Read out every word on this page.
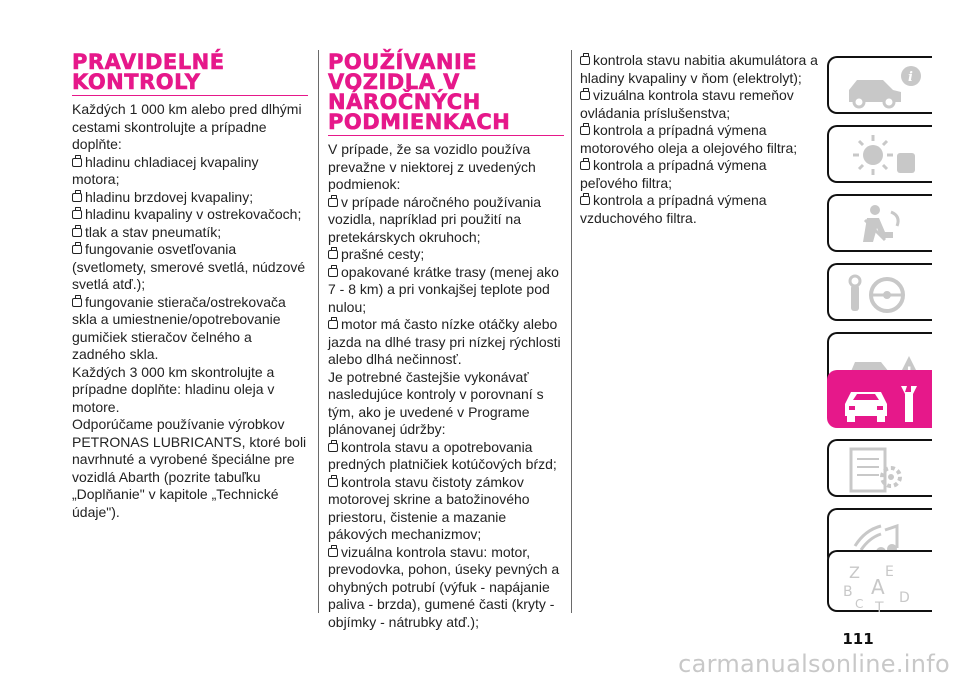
PRAVIDELNÉ
KONTROLY
Každých 1 000 km alebo pred dlhými cestami skontrolujte a prípadne doplňte:
hladinu chladiacej kvapaliny motora;
hladinu brzdovej kvapaliny;
hladinu kvapaliny v ostrekovačoch;
tlak a stav pneumatík;
fungovanie osvetľovania (svetlomety, smerové svetlá, núdzové svetlá atď.);
fungovanie stierača/ostrekovača skla a umiestnenie/opotrebovanie gumičiek stieračov čelného a zadného skla.
Každých 3 000 km skontrolujte a prípadne doplňte: hladinu oleja v motore.
Odporúčame používanie výrobkov PETRONAS LUBRICANTS, ktoré boli navrhnuté a vyrobené špeciálne pre vozidlá Abarth (pozrite tabuľku „Doplňanie" v kapitole „Technické údaje").
POUŽÍVANIE
VOZIDLA V
NÁROČNÝCH
PODMIENKACH
V prípade, že sa vozidlo používa prevažne v niektorej z uvedených podmienok:
v prípade náročného používania vozidla, napríklad pri použití na pretekárskych okruhoch;
prašné cesty;
opakované krátke trasy (menej ako 7 - 8 km) a pri vonkajšej teplote pod nulou;
motor má často nízke otáčky alebo jazda na dlhé trasy pri nízkej rýchlosti alebo dlhá nečinnosť.
Je potrebné častejšie vykonávať nasledujúce kontroly v porovnaní s tým, ako je uvedené v Programe plánovanej údržby:
kontrola stavu a opotrebovania predných platničiek kotúčových bŕzd;
kontrola stavu čistoty zámkov motorovej skrine a batožinového priestoru, čistenie a mazanie pákových mechanizmov;
vizuálna kontrola stavu: motor, prevodovka, pohon, úseky pevných a ohybných potrubí (výfuk - napájanie paliva - brzda), gumené časti (kryty - objímky - nátrubky atď.);
kontrola stavu nabitia akumulátora a hladiny kvapaliny v ňom (elektrolyt);
vizuálna kontrola stavu remeňov ovládania príslušenstva;
kontrola a prípadná výmena motorového oleja a olejového filtra;
kontrola a prípadná výmena peľového filtra;
kontrola a prípadná výmena vzduchového filtra.
i
Z E
B A
C	D
T
111
carmanualsonline.info
